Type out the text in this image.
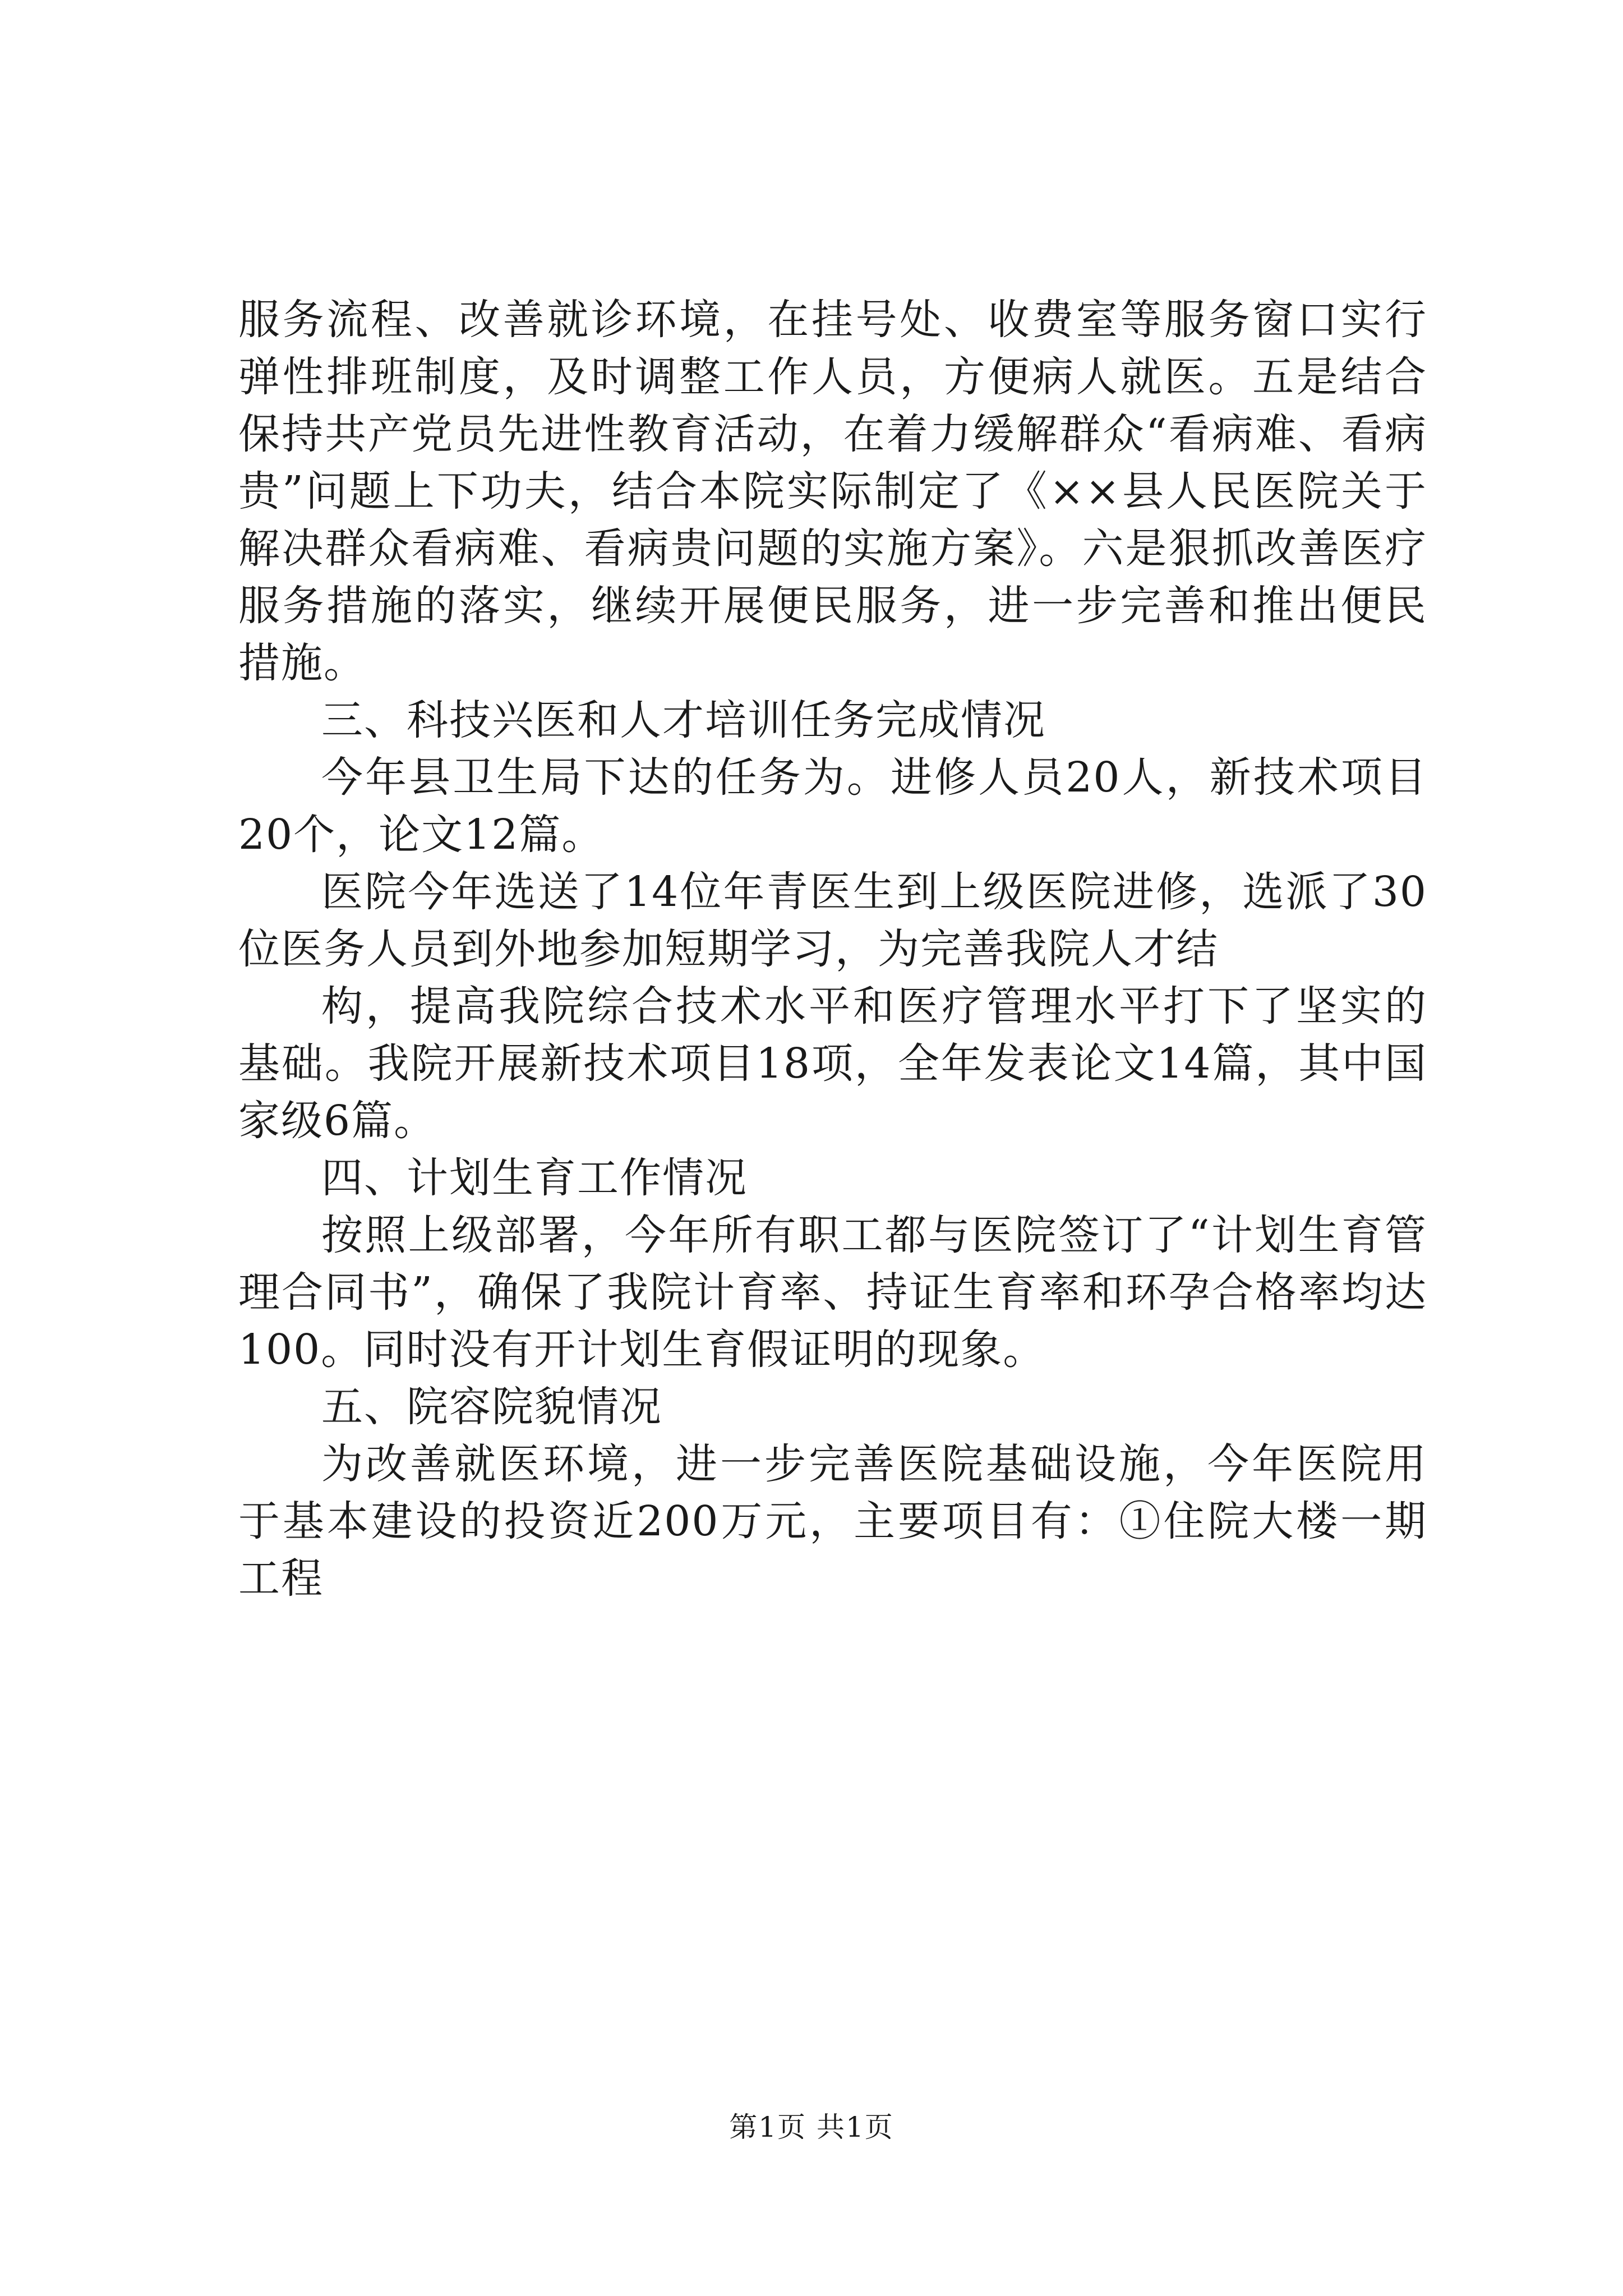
服务流程、改善就诊环境，在挂号处、收费室等服务窗口实行弹性排班制度，及时调整工作人员，方便病人就医。五是结合保持共产党员先进性教育活动，在着力缓解群众“看病难、看病贵”问题上下功夫，结合本院实际制定了《××县人民医院关于解决群众看病难、看病贵问题的实施方案》。六是狠抓改善医疗服务措施的落实，继续开展便民服务，进一步完善和推出便民措施。

三、科技兴医和人才培训任务完成情况

今年县卫生局下达的任务为。进修人员20人，新技术项目20个，论文12篇。

医院今年选送了14位年青医生到上级医院进修，选派了30位医务人员到外地参加短期学习，为完善我院人才结

构，提高我院综合技术水平和医疗管理水平打下了坚实的基础。我院开展新技术项目18项，全年发表论文14篇，其中国家级6篇。

四、计划生育工作情况

按照上级部署，今年所有职工都与医院签订了“计划生育管理合同书”，确保了我院计育率、持证生育率和环孕合格率均达100。同时没有开计划生育假证明的现象。

五、院容院貌情况

为改善就医环境，进一步完善医院基础设施，今年医院用于基本建设的投资近200万元，主要项目有：①住院大楼一期工程

第1页 共1页
